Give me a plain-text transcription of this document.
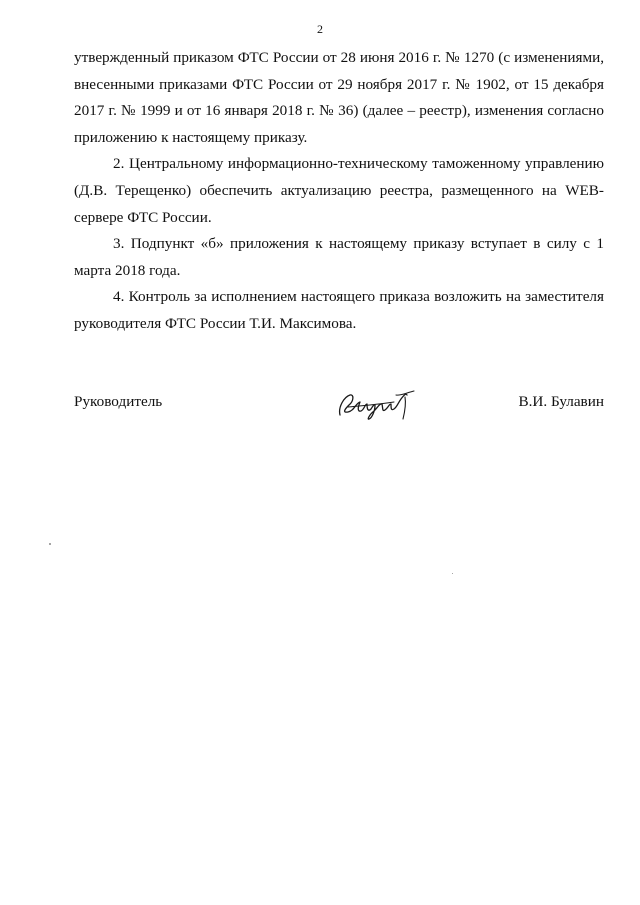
2

утвержденный приказом ФТС России от 28 июня 2016 г. № 1270 (с изменениями, внесенными приказами ФТС России от 29 ноября 2017 г. № 1902, от 15 декабря 2017 г. № 1999 и от 16 января 2018 г. № 36) (далее – реестр), изменения согласно приложению к настоящему приказу.

2. Центральному информационно-техническому таможенному управлению (Д.В. Терещенко) обеспечить актуализацию реестра, размещенного на WEB-сервере ФТС России.

3. Подпункт «б» приложения к настоящему приказу вступает в силу с 1 марта 2018 года.

4. Контроль за исполнением настоящего приказа возложить на заместителя руководителя ФТС России Т.И. Максимова.

Руководитель	В.И. Булавин
